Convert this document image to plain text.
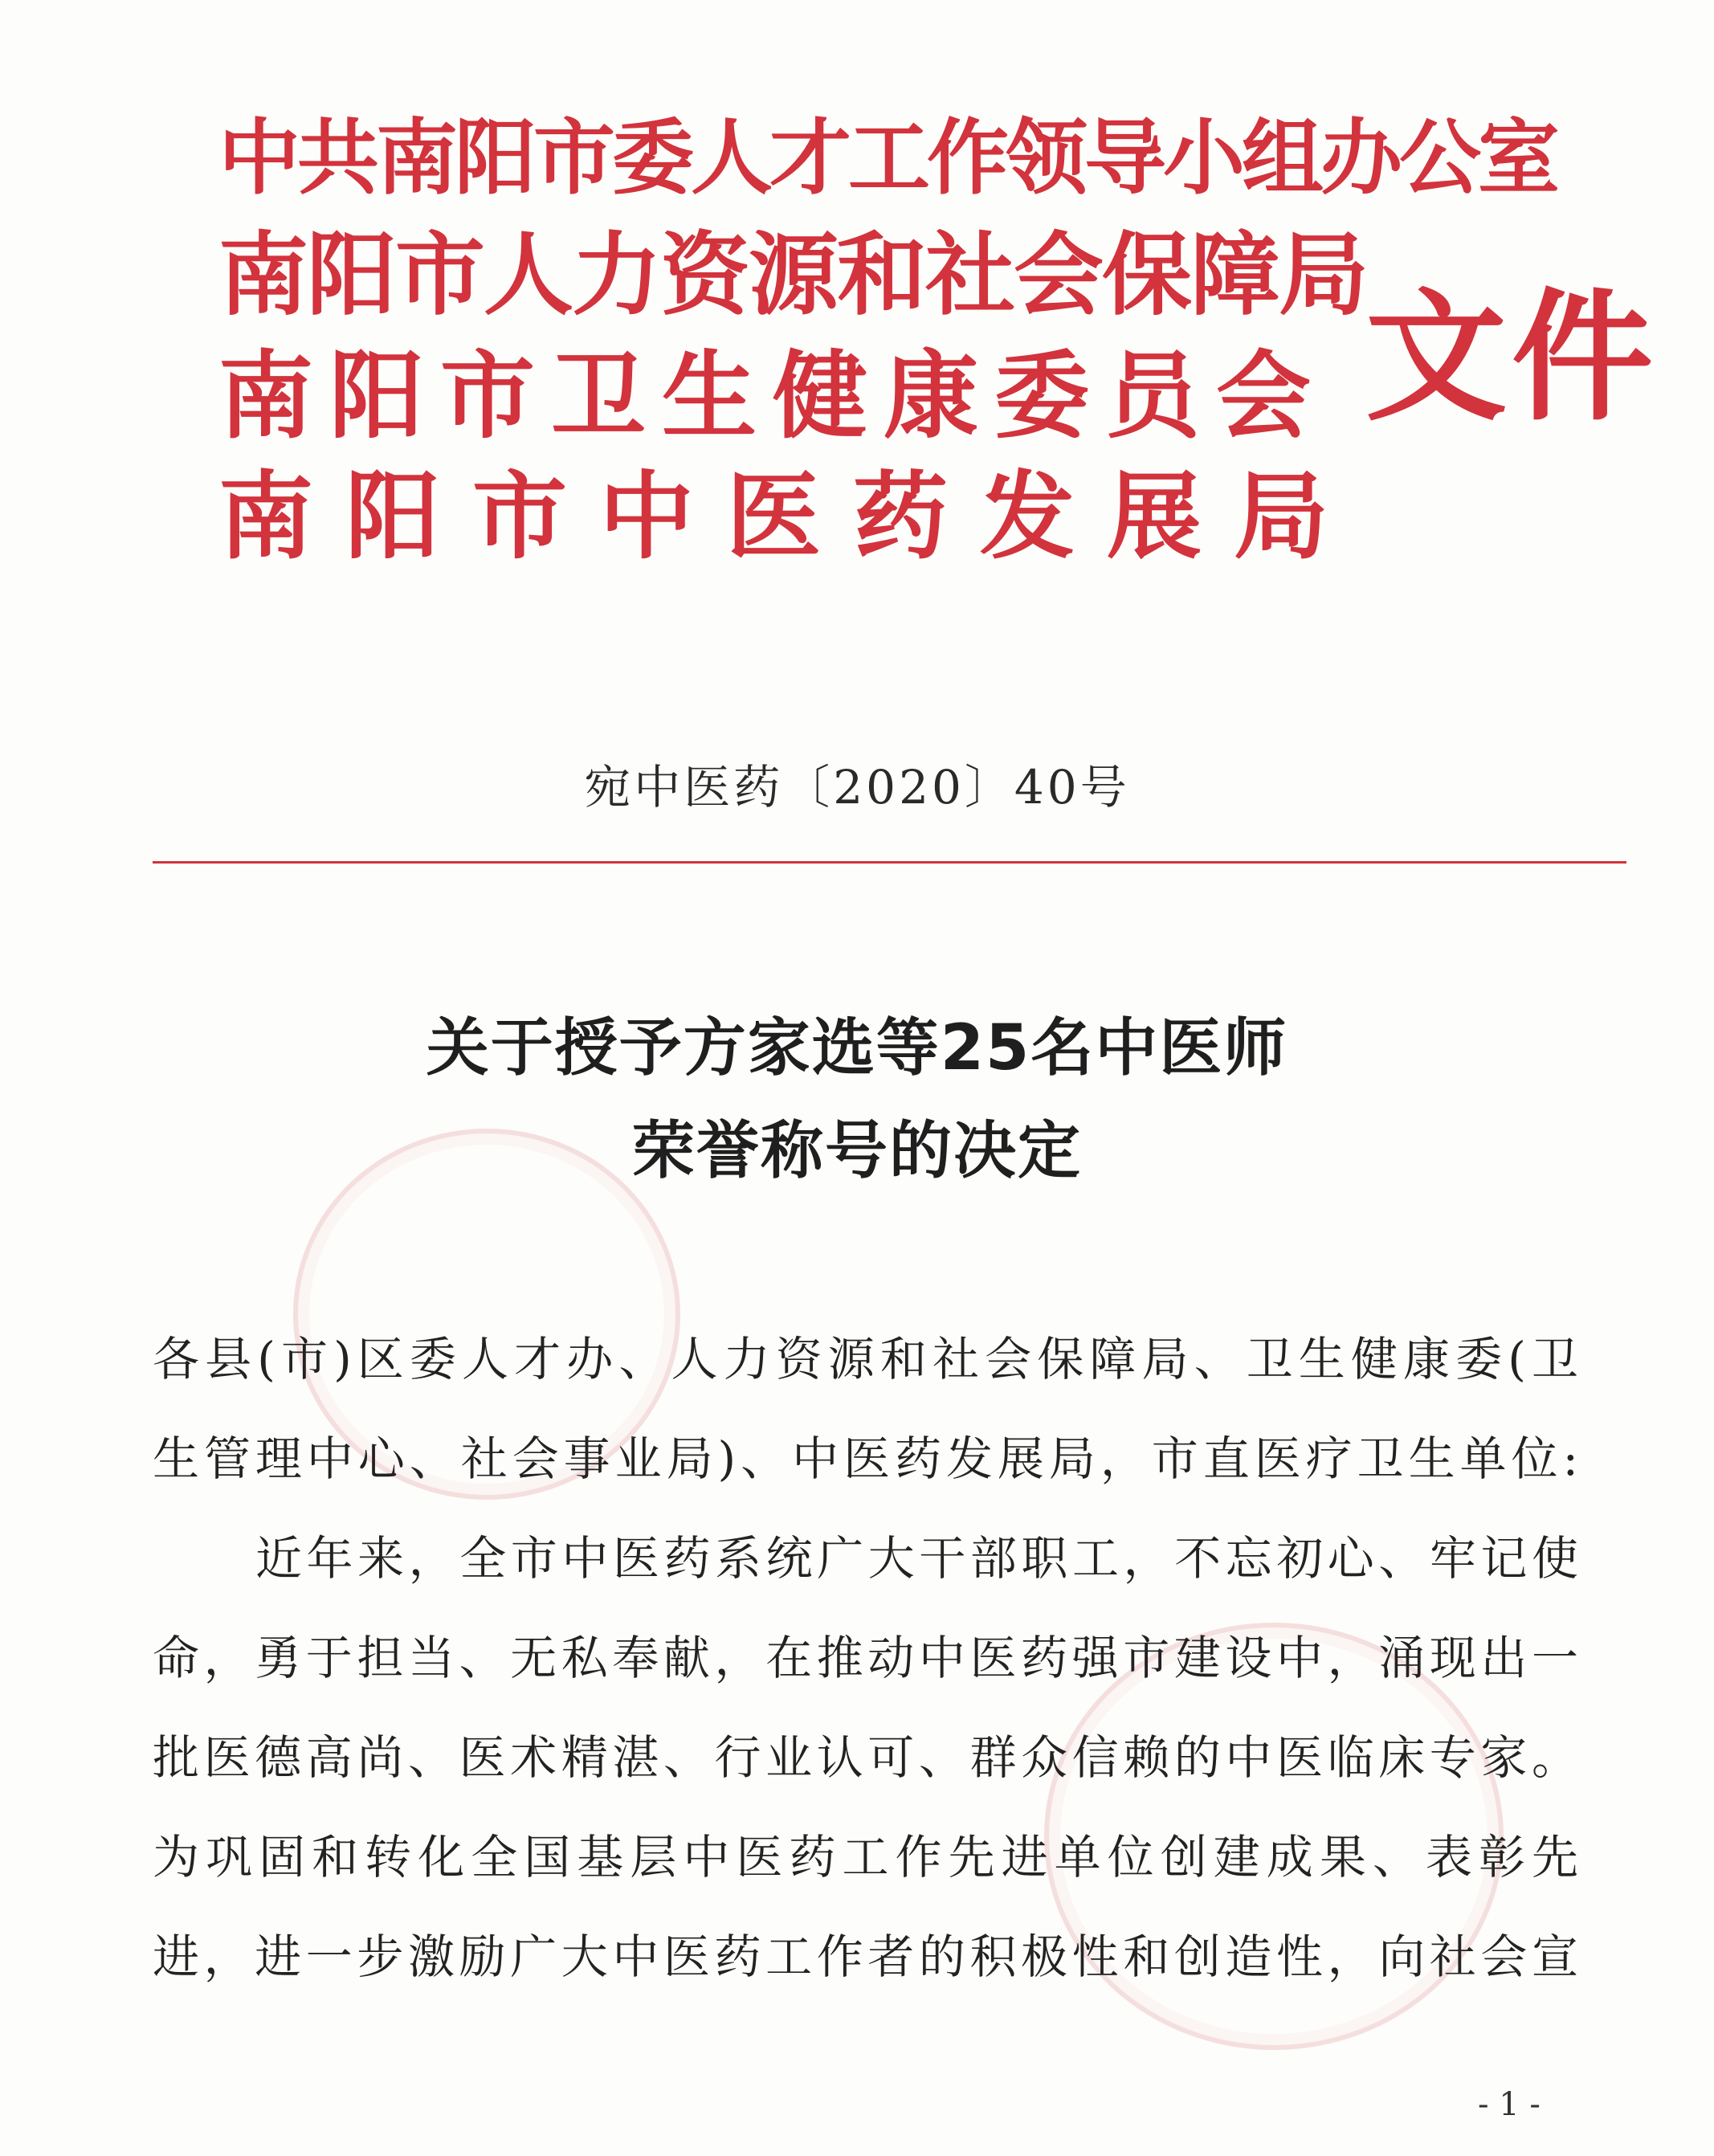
中共南阳市委人才工作领导小组办公室
南阳市人力资源和社会保障局
南阳市卫生健康委员会
南阳市中医药发展局
文件
宛中医药〔2020〕40号
关于授予方家选等25名中医师
荣誉称号的决定
各县(市)区委人才办、人力资源和社会保障局、卫生健康委(卫
生管理中心、社会事业局)、中医药发展局，市直医疗卫生单位:
近年来，全市中医药系统广大干部职工，不忘初心、牢记使
命，勇于担当、无私奉献，在推动中医药强市建设中，涌现出一
批医德高尚、医术精湛、行业认可、群众信赖的中医临床专家。
为巩固和转化全国基层中医药工作先进单位创建成果、表彰先
进，进一步激励广大中医药工作者的积极性和创造性，向社会宣
- 1 -
